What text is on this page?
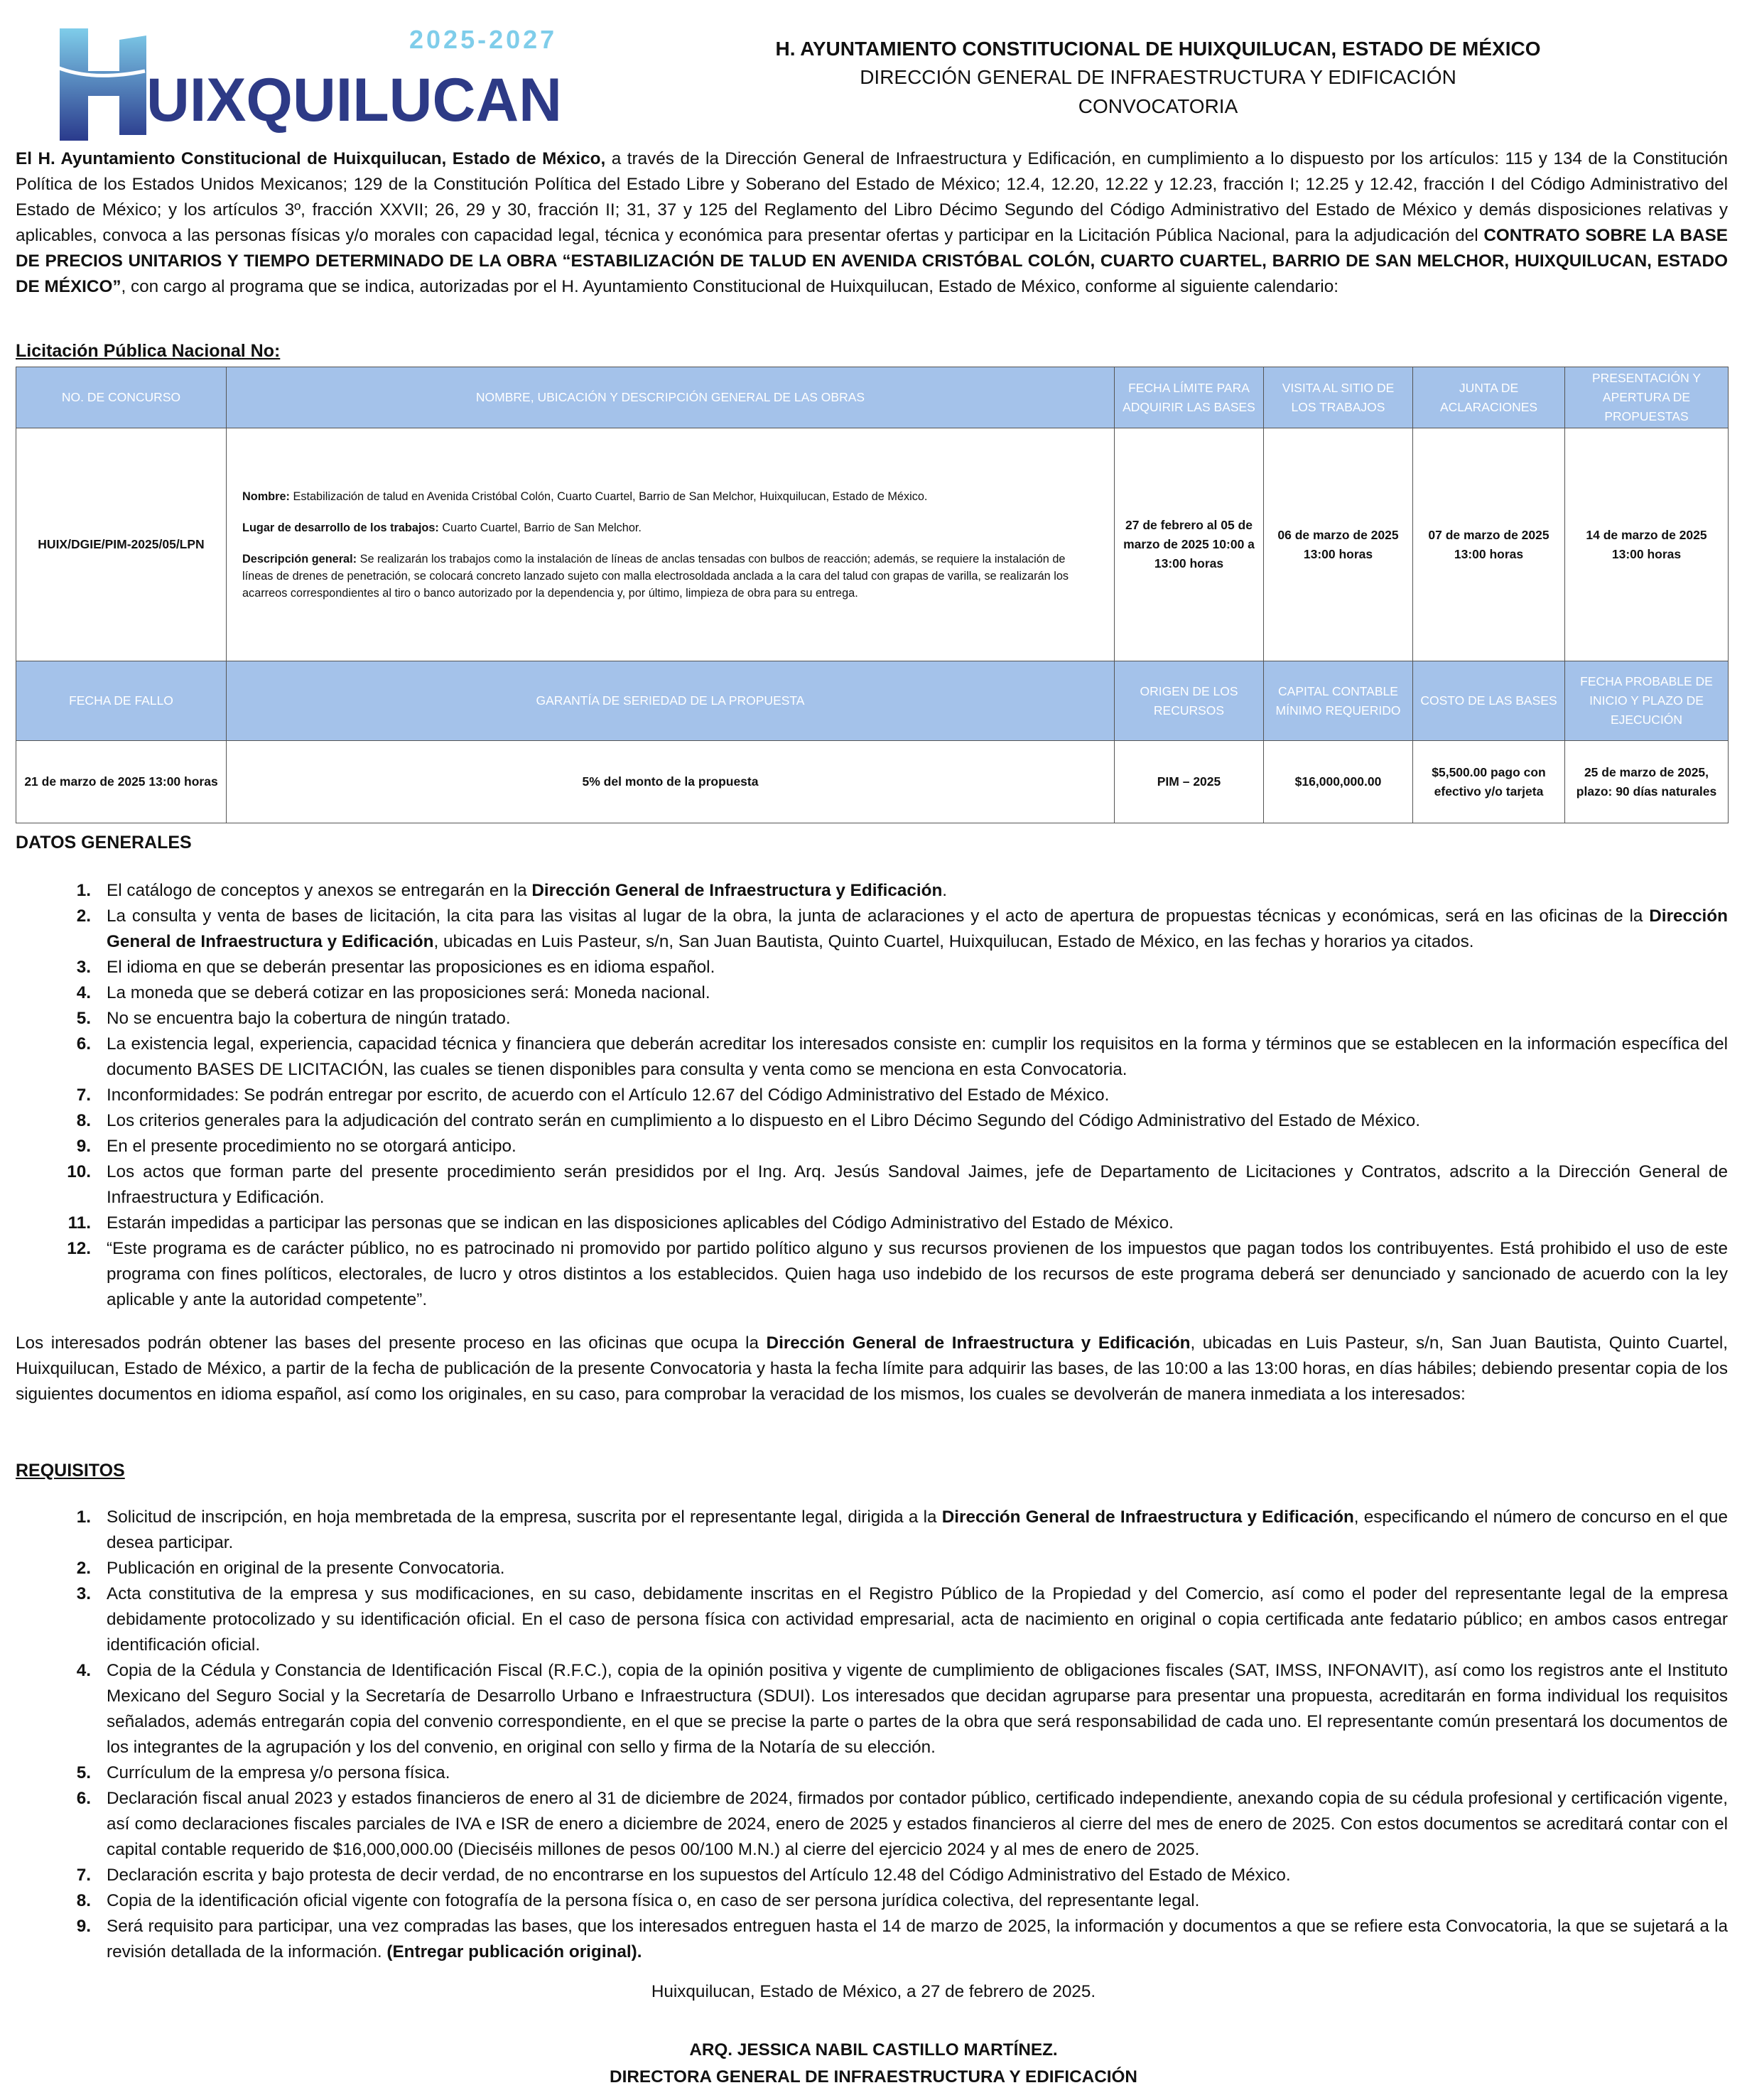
2025-2027
UIXQUILUCAN
H. AYUNTAMIENTO CONSTITUCIONAL DE HUIXQUILUCAN, ESTADO DE MÉXICO
DIRECCIÓN GENERAL DE INFRAESTRUCTURA Y EDIFICACIÓN
CONVOCATORIA
El H. Ayuntamiento Constitucional de Huixquilucan, Estado de México, a través de la Dirección General de Infraestructura y Edificación, en cumplimiento a lo dispuesto por los artículos: 115 y 134 de la Constitución Política de los Estados Unidos Mexicanos; 129 de la Constitución Política del Estado Libre y Soberano del Estado de México; 12.4, 12.20, 12.22 y 12.23, fracción I; 12.25 y 12.42, fracción I del Código Administrativo del Estado de México; y los artículos 3º, fracción XXVII; 26, 29 y 30, fracción II; 31, 37 y 125 del Reglamento del Libro Décimo Segundo del Código Administrativo del Estado de México y demás disposiciones relativas y aplicables, convoca a las personas físicas y/o morales con capacidad legal, técnica y económica para presentar ofertas y participar en la Licitación Pública Nacional, para la adjudicación del CONTRATO SOBRE LA BASE DE PRECIOS UNITARIOS Y TIEMPO DETERMINADO DE LA OBRA “ESTABILIZACIÓN DE TALUD EN AVENIDA CRISTÓBAL COLÓN, CUARTO CUARTEL, BARRIO DE SAN MELCHOR, HUIXQUILUCAN, ESTADO DE MÉXICO”, con cargo al programa que se indica, autorizadas por el H. Ayuntamiento Constitucional de Huixquilucan, Estado de México, conforme al siguiente calendario:
Licitación Pública Nacional No:
NO. DE CONCURSO	NOMBRE, UBICACIÓN Y DESCRIPCIÓN GENERAL DE LAS OBRAS	FECHA LÍMITE PARA ADQUIRIR LAS BASES	VISITA AL SITIO DE LOS TRABAJOS	JUNTA DE ACLARACIONES	PRESENTACIÓN Y APERTURA DE PROPUESTAS
HUIX/DGIE/PIM-2025/05/LPN	Nombre: Estabilización de talud en Avenida Cristóbal Colón, Cuarto Cuartel, Barrio de San Melchor, Huixquilucan, Estado de México.

Lugar de desarrollo de los trabajos: Cuarto Cuartel, Barrio de San Melchor.

Descripción general: Se realizarán los trabajos como la instalación de líneas de anclas tensadas con bulbos de reacción; además, se requiere la instalación de líneas de drenes de penetración, se colocará concreto lanzado sujeto con malla electrosoldada anclada a la cara del talud con grapas de varilla, se realizarán los acarreos correspondientes al tiro o banco autorizado por la dependencia y, por último, limpieza de obra para su entrega.	27 de febrero al 05 de marzo de 2025 10:00 a 13:00 horas	06 de marzo de 2025 13:00 horas	07 de marzo de 2025 13:00 horas	14 de marzo de 2025 13:00 horas
FECHA DE FALLO	GARANTÍA DE SERIEDAD DE LA PROPUESTA	ORIGEN DE LOS RECURSOS	CAPITAL CONTABLE MÍNIMO REQUERIDO	COSTO DE LAS BASES	FECHA PROBABLE DE INICIO Y PLAZO DE EJECUCIÓN
21 de marzo de 2025 13:00 horas	5% del monto de la propuesta	PIM – 2025	$16,000,000.00	$5,500.00 pago con efectivo y/o tarjeta	25 de marzo de 2025, plazo: 90 días naturales
DATOS GENERALES
1. El catálogo de conceptos y anexos se entregarán en la Dirección General de Infraestructura y Edificación.
2. La consulta y venta de bases de licitación, la cita para las visitas al lugar de la obra, la junta de aclaraciones y el acto de apertura de propuestas técnicas y económicas, será en las oficinas de la Dirección General de Infraestructura y Edificación, ubicadas en Luis Pasteur, s/n, San Juan Bautista, Quinto Cuartel, Huixquilucan, Estado de México, en las fechas y horarios ya citados.
3. El idioma en que se deberán presentar las proposiciones es en idioma español.
4. La moneda que se deberá cotizar en las proposiciones será: Moneda nacional.
5. No se encuentra bajo la cobertura de ningún tratado.
6. La existencia legal, experiencia, capacidad técnica y financiera que deberán acreditar los interesados consiste en: cumplir los requisitos en la forma y términos que se establecen en la información específica del documento BASES DE LICITACIÓN, las cuales se tienen disponibles para consulta y venta como se menciona en esta Convocatoria.
7. Inconformidades: Se podrán entregar por escrito, de acuerdo con el Artículo 12.67 del Código Administrativo del Estado de México.
8. Los criterios generales para la adjudicación del contrato serán en cumplimiento a lo dispuesto en el Libro Décimo Segundo del Código Administrativo del Estado de México.
9. En el presente procedimiento no se otorgará anticipo.
10. Los actos que forman parte del presente procedimiento serán presididos por el Ing. Arq. Jesús Sandoval Jaimes, jefe de Departamento de Licitaciones y Contratos, adscrito a la Dirección General de Infraestructura y Edificación.
11. Estarán impedidas a participar las personas que se indican en las disposiciones aplicables del Código Administrativo del Estado de México.
12. “Este programa es de carácter público, no es patrocinado ni promovido por partido político alguno y sus recursos provienen de los impuestos que pagan todos los contribuyentes. Está prohibido el uso de este programa con fines políticos, electorales, de lucro y otros distintos a los establecidos. Quien haga uso indebido de los recursos de este programa deberá ser denunciado y sancionado de acuerdo con la ley aplicable y ante la autoridad competente”.
Los interesados podrán obtener las bases del presente proceso en las oficinas que ocupa la Dirección General de Infraestructura y Edificación, ubicadas en Luis Pasteur, s/n, San Juan Bautista, Quinto Cuartel, Huixquilucan, Estado de México, a partir de la fecha de publicación de la presente Convocatoria y hasta la fecha límite para adquirir las bases, de las 10:00 a las 13:00 horas, en días hábiles; debiendo presentar copia de los siguientes documentos en idioma español, así como los originales, en su caso, para comprobar la veracidad de los mismos, los cuales se devolverán de manera inmediata a los interesados:
REQUISITOS
1. Solicitud de inscripción, en hoja membretada de la empresa, suscrita por el representante legal, dirigida a la Dirección General de Infraestructura y Edificación, especificando el número de concurso en el que desea participar.
2. Publicación en original de la presente Convocatoria.
3. Acta constitutiva de la empresa y sus modificaciones, en su caso, debidamente inscritas en el Registro Público de la Propiedad y del Comercio, así como el poder del representante legal de la empresa debidamente protocolizado y su identificación oficial. En el caso de persona física con actividad empresarial, acta de nacimiento en original o copia certificada ante fedatario público; en ambos casos entregar identificación oficial.
4. Copia de la Cédula y Constancia de Identificación Fiscal (R.F.C.), copia de la opinión positiva y vigente de cumplimiento de obligaciones fiscales (SAT, IMSS, INFONAVIT), así como los registros ante el Instituto Mexicano del Seguro Social y la Secretaría de Desarrollo Urbano e Infraestructura (SDUI). Los interesados que decidan agruparse para presentar una propuesta, acreditarán en forma individual los requisitos señalados, además entregarán copia del convenio correspondiente, en el que se precise la parte o partes de la obra que será responsabilidad de cada uno. El representante común presentará los documentos de los integrantes de la agrupación y los del convenio, en original con sello y firma de la Notaría de su elección.
5. Currículum de la empresa y/o persona física.
6. Declaración fiscal anual 2023 y estados financieros de enero al 31 de diciembre de 2024, firmados por contador público, certificado independiente, anexando copia de su cédula profesional y certificación vigente, así como declaraciones fiscales parciales de IVA e ISR de enero a diciembre de 2024, enero de 2025 y estados financieros al cierre del mes de enero de 2025. Con estos documentos se acreditará contar con el capital contable requerido de $16,000,000.00 (Dieciséis millones de pesos 00/100 M.N.) al cierre del ejercicio 2024 y al mes de enero de 2025.
7. Declaración escrita y bajo protesta de decir verdad, de no encontrarse en los supuestos del Artículo 12.48 del Código Administrativo del Estado de México.
8. Copia de la identificación oficial vigente con fotografía de la persona física o, en caso de ser persona jurídica colectiva, del representante legal.
9. Será requisito para participar, una vez compradas las bases, que los interesados entreguen hasta el 14 de marzo de 2025, la información y documentos a que se refiere esta Convocatoria, la que se sujetará a la revisión detallada de la información. (Entregar publicación original).
Huixquilucan, Estado de México, a 27 de febrero de 2025.
ARQ. JESSICA NABIL CASTILLO MARTÍNEZ.
DIRECTORA GENERAL DE INFRAESTRUCTURA Y EDIFICACIÓN
